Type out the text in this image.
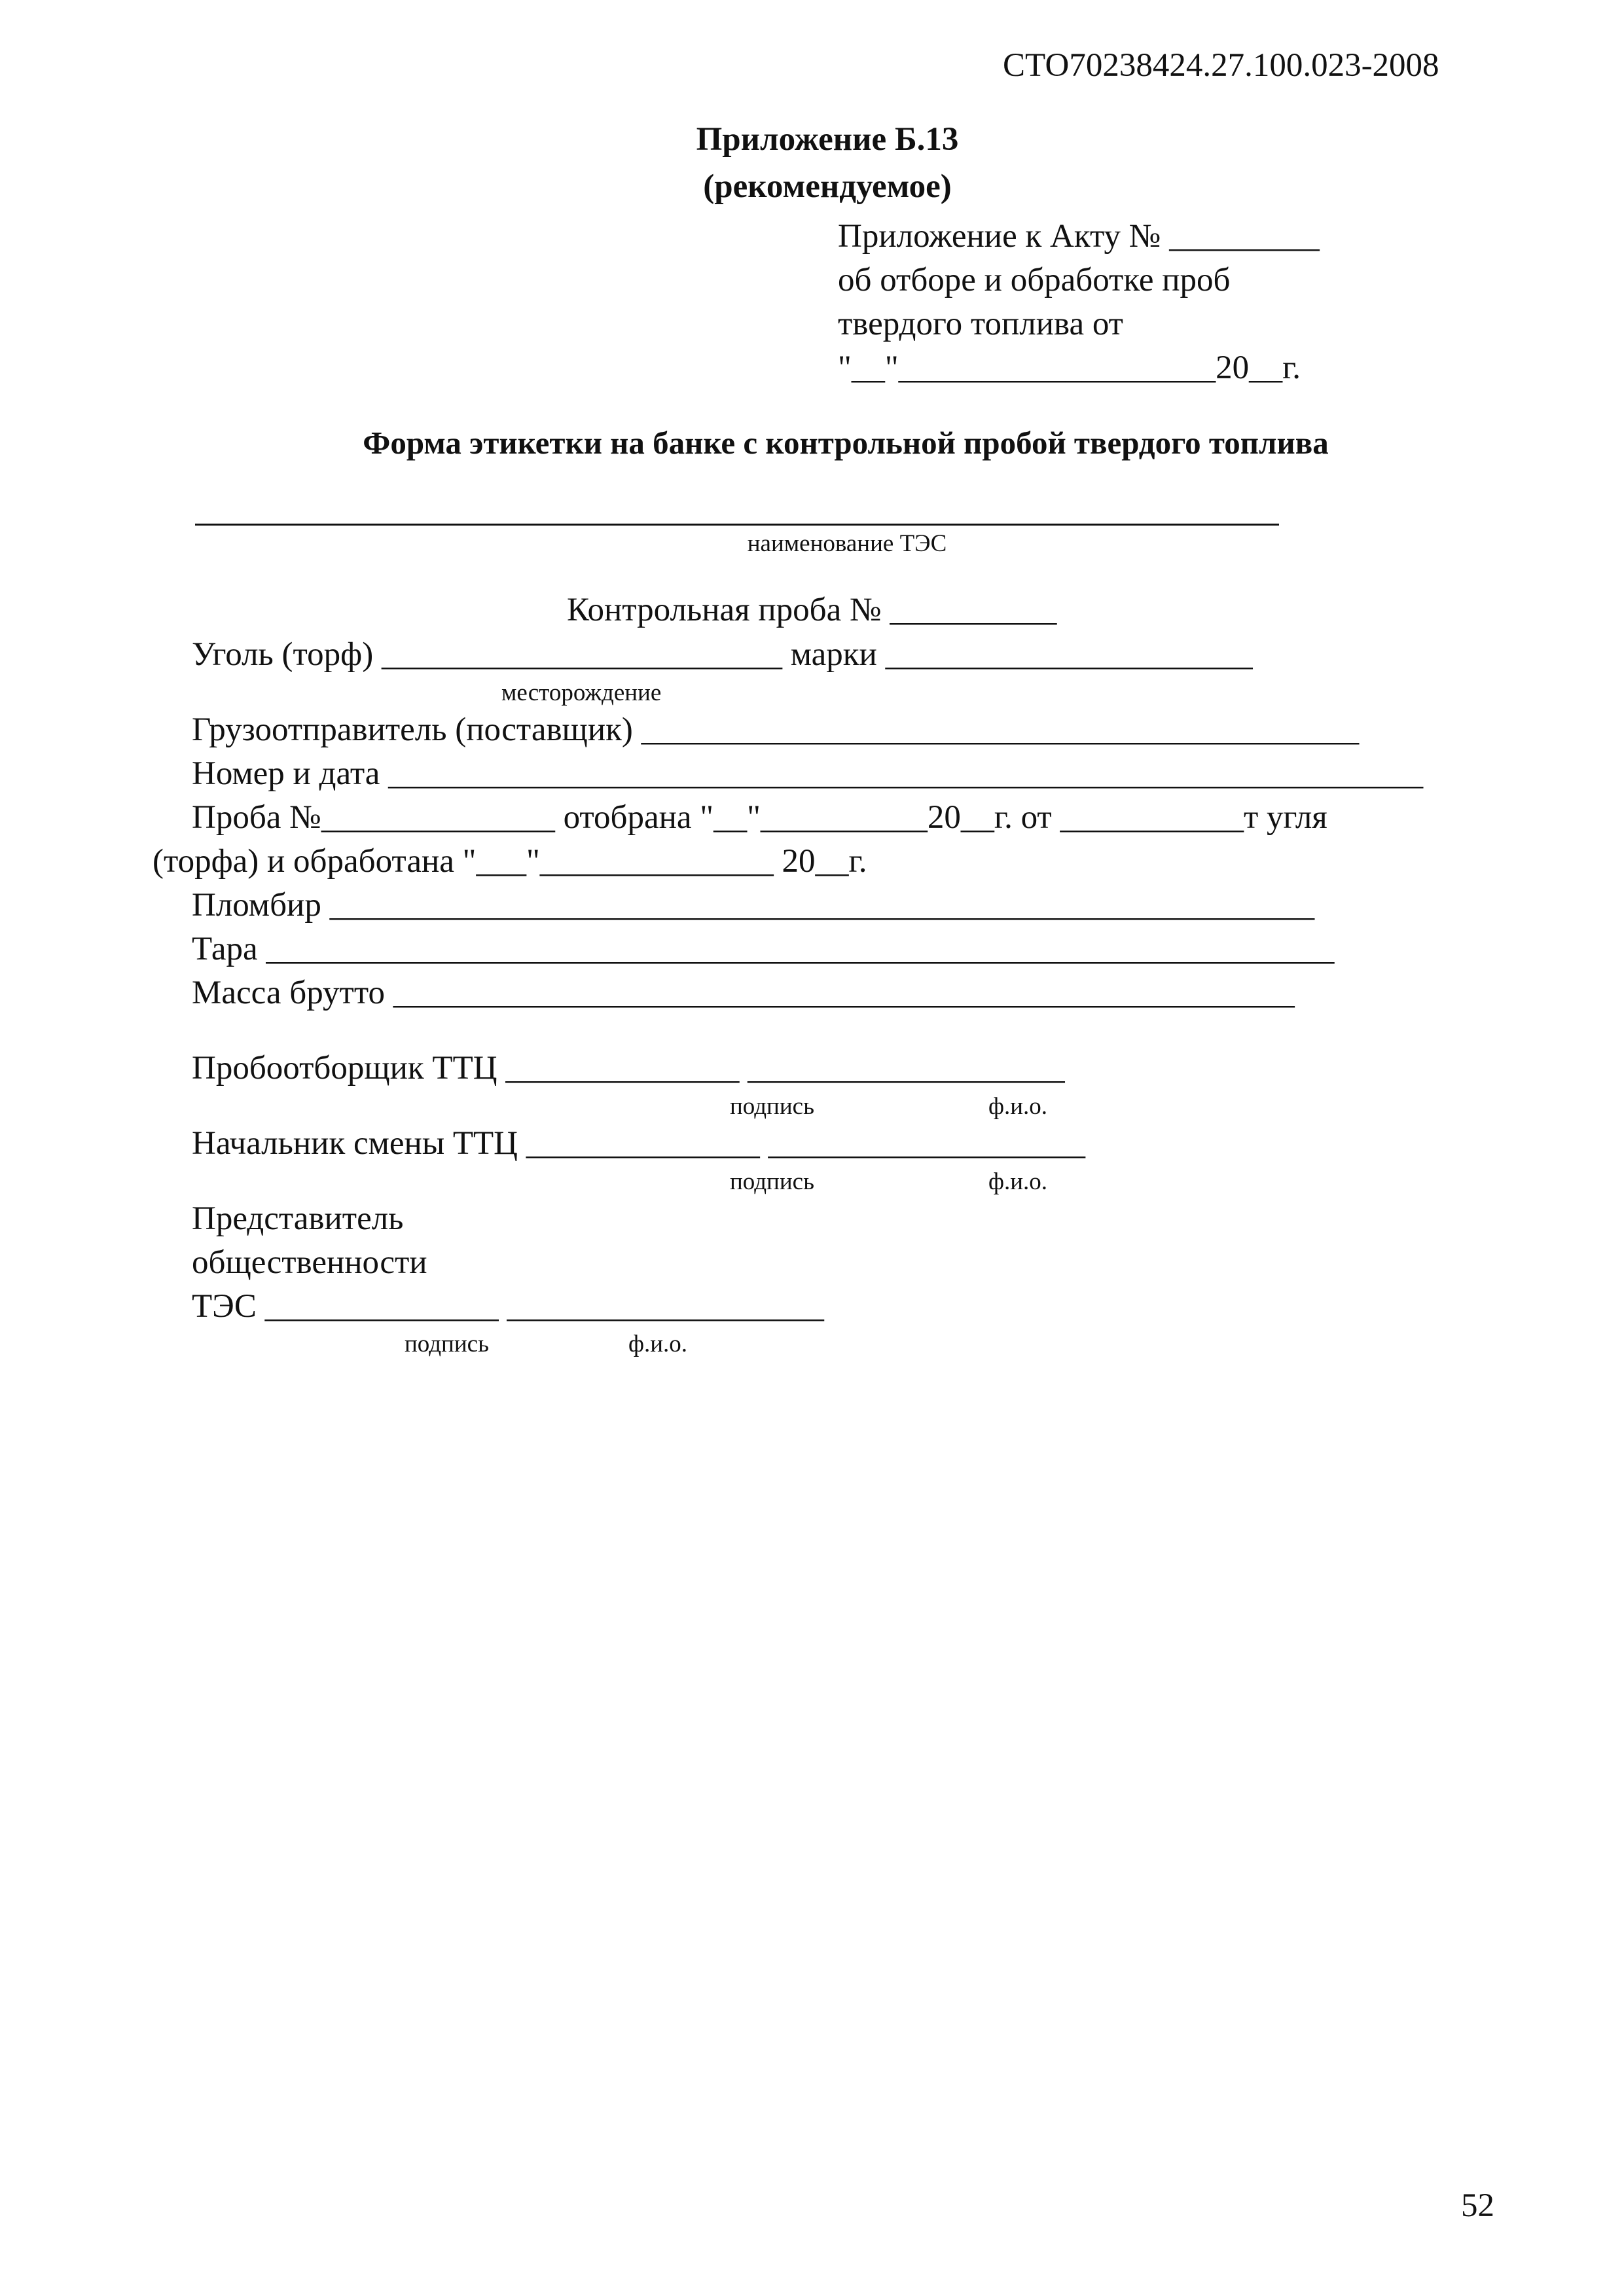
СТО70238424.27.100.023-2008
Приложение Б.13
(рекомендуемое)
Приложение к Акту № _________
об отборе и обработке проб
твердого топлива от
"__"___________________20__г.
Форма этикетки на банке с контрольной пробой твердого топлива
наименование ТЭС
Контрольная проба № __________
Уголь (торф) ________________________ марки ______________________
месторождение
Грузоотправитель (поставщик) ___________________________________________
Номер и дата ______________________________________________________________
Проба №______________ отобрана "__"__________20__г. от ___________т угля
(торфа) и обработана "___"______________ 20__г.
Пломбир ___________________________________________________________
Тара ________________________________________________________________
Масса брутто ______________________________________________________
Пробоотборщик ТТЦ ______________ ___________________
подпись	ф.и.о.
Начальник смены ТТЦ ______________ ___________________
подпись	ф.и.о.
Представитель
общественности
ТЭС ______________ ___________________
подпись	ф.и.о.
52
